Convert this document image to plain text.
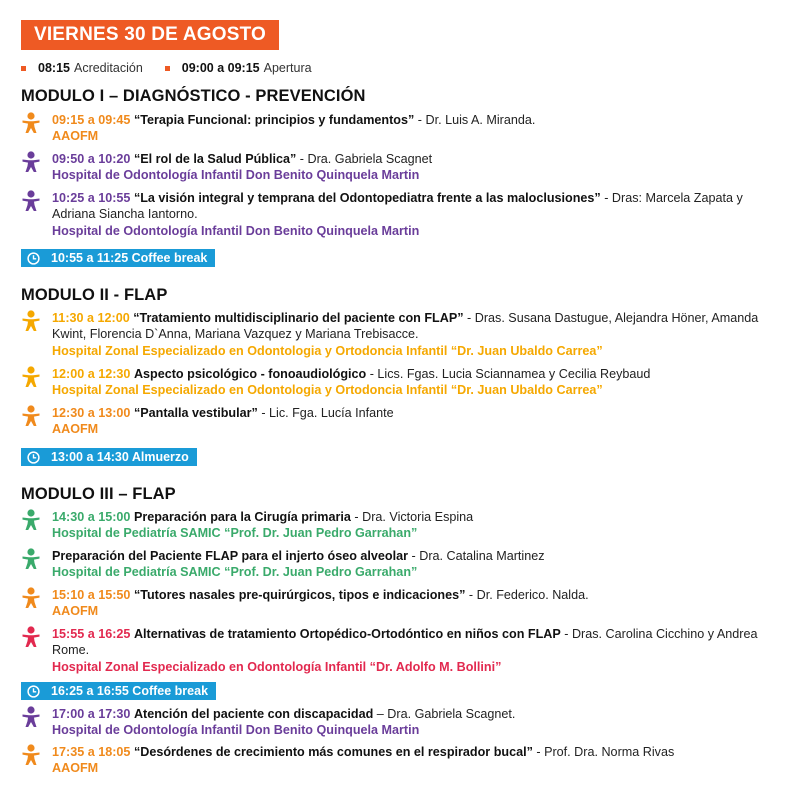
VIERNES 30 DE AGOSTO
08:15 Acreditación	09:00 a 09:15 Apertura
MODULO I – DIAGNÓSTICO - PREVENCIÓN
09:15 a 09:45 “Terapia Funcional: principios y fundamentos” - Dr. Luis A. Miranda.
AAOFM
09:50 a 10:20 “El rol de la Salud Pública” - Dra. Gabriela Scagnet
Hospital de Odontología Infantil Don Benito Quinquela Martin
10:25 a 10:55 “La visión integral y temprana del Odontopediatra frente a las maloclusiones” - Dras: Marcela Zapata y Adriana Siancha Iantorno.
Hospital de Odontología Infantil Don Benito Quinquela Martin
10:55 a 11:25 Coffee break
MODULO II - FLAP
11:30 a 12:00 “Tratamiento multidisciplinario del paciente con FLAP” - Dras. Susana Dastugue, Alejandra Höner, Amanda Kwint, Florencia D`Anna, Mariana Vazquez y Mariana Trebisacce.
Hospital Zonal Especializado en Odontologia y Ortodoncia Infantil “Dr. Juan Ubaldo Carrea”
12:00 a 12:30 Aspecto psicológico - fonoaudiológico - Lics. Fgas. Lucia Sciannamea y Cecilia Reybaud
Hospital Zonal Especializado en Odontologia y Ortodoncia Infantil “Dr. Juan Ubaldo Carrea”
12:30 a 13:00 “Pantalla vestibular” - Lic. Fga. Lucía Infante
AAOFM
13:00 a 14:30 Almuerzo
MODULO III – FLAP
14:30 a 15:00 Preparación para la Cirugía primaria - Dra. Victoria Espina
Hospital de Pediatría SAMIC “Prof. Dr. Juan Pedro Garrahan”
Preparación del Paciente FLAP para el injerto óseo alveolar - Dra. Catalina Martinez
Hospital de Pediatría SAMIC “Prof. Dr. Juan Pedro Garrahan”
15:10 a 15:50 “Tutores nasales pre-quirúrgicos, tipos e indicaciones” - Dr. Federico. Nalda.
AAOFM
15:55 a 16:25 Alternativas de tratamiento Ortopédico-Ortodóntico en niños con FLAP - Dras. Carolina Cicchino y Andrea Rome.
Hospital Zonal Especializado en Odontología Infantil “Dr. Adolfo M. Bollini”
16:25 a 16:55 Coffee break
17:00 a 17:30 Atención del paciente con discapacidad – Dra. Gabriela Scagnet.
Hospital de Odontología Infantil Don Benito Quinquela Martin
17:35 a 18:05 “Desórdenes de crecimiento más comunes en el respirador bucal” - Prof. Dra. Norma Rivas
AAOFM
